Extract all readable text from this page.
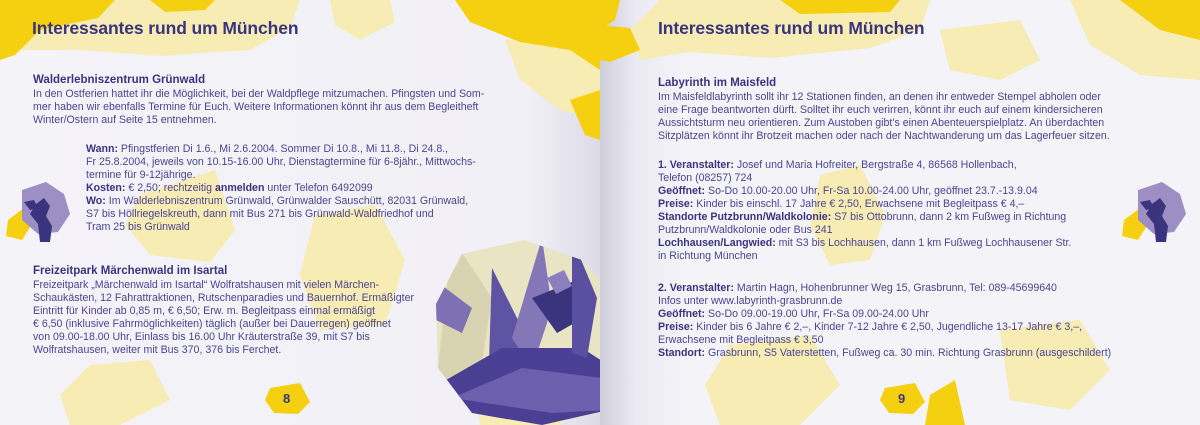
Interessantes rund um München
Walderlebniszentrum Grünwald
In den Ostferien hattet ihr die Möglichkeit, bei der Waldpflege mitzumachen. Pfingsten und Som-
mer haben wir ebenfalls Termine für Euch. Weitere Informationen könnt ihr aus dem Begleitheft
Winter/Ostern auf Seite 15 entnehmen.
Wann: Pfingstferien Di 1.6., Mi 2.6.2004. Sommer Di 10.8., Mi 11.8., Di 24.8.,
Fr 25.8.2004, jeweils von 10.15-16.00 Uhr, Dienstagtermine für 6-8jähr., Mittwochs-
termine für 9-12jährige.
Kosten: € 2,50; rechtzeitig anmelden unter Telefon 6492099
Wo: Im Walderlebniszentrum Grünwald, Grünwalder Sauschütt, 82031 Grünwald,
S7 bis Höllriegelskreuth, dann mit Bus 271 bis Grünwald-Waldfriedhof und
Tram 25 bis Grünwald
Freizeitpark Märchenwald im Isartal
Freizeitpark „Märchenwald im Isartal“ Wolfratshausen mit vielen Märchen-
Schaukästen, 12 Fahrattraktionen, Rutschenparadies und Bauernhof. Ermäßigter
Eintritt für Kinder ab 0,85 m, € 6,50; Erw. m. Begleitpass einmal ermäßigt
€ 6,50 (inklusive Fahrmöglichkeiten) täglich (außer bei Dauerregen) geöffnet
von 09.00-18.00 Uhr, Einlass bis 16.00 Uhr Kräuterstraße 39, mit S7 bis
Wolfratshausen, weiter mit Bus 370, 376 bis Ferchet.
8
Interessantes rund um München
Labyrinth im Maisfeld
Im Maisfeldlabyrinth sollt ihr 12 Stationen finden, an denen ihr entweder Stempel abholen oder
eine Frage beantworten dürft. Solltet ihr euch verirren, könnt ihr euch auf einem kindersicheren
Aussichtsturm neu orientieren. Zum Austoben gibt’s einen Abenteuerspielplatz. An überdachten
Sitzplätzen könnt ihr Brotzeit machen oder nach der Nachtwanderung um das Lagerfeuer sitzen.
1. Veranstalter: Josef und Maria Hofreiter, Bergstraße 4, 86568 Hollenbach,
Telefon (08257) 724
Geöffnet: So-Do 10.00-20.00 Uhr, Fr-Sa 10.00-24.00 Uhr, geöffnet 23.7.-13.9.04
Preise: Kinder bis einschl. 17 Jahre € 2,50, Erwachsene mit Begleitpass € 4,–
Standorte Putzbrunn/Waldkolonie: S7 bis Ottobrunn, dann 2 km Fußweg in Richtung
Putzbrunn/Waldkolonie oder Bus 241
Lochhausen/Langwied: mit S3 bis Lochhausen, dann 1 km Fußweg Lochhausener Str.
in Richtung München
2. Veranstalter: Martin Hagn, Hohenbrunner Weg 15, Grasbrunn, Tel: 089-45699640
Infos unter www.labyrinth-grasbrunn.de
Geöffnet: So-Do 09.00-19.00 Uhr, Fr-Sa 09.00-24.00 Uhr
Preise: Kinder bis 6 Jahre € 2,–, Kinder 7-12 Jahre € 2,50, Jugendliche 13-17 Jahre € 3,–,
Erwachsene mit Begleitpass € 3,50
Standort: Grasbrunn, S5 Vaterstetten, Fußweg ca. 30 min. Richtung Grasbrunn (ausgeschildert)
9
